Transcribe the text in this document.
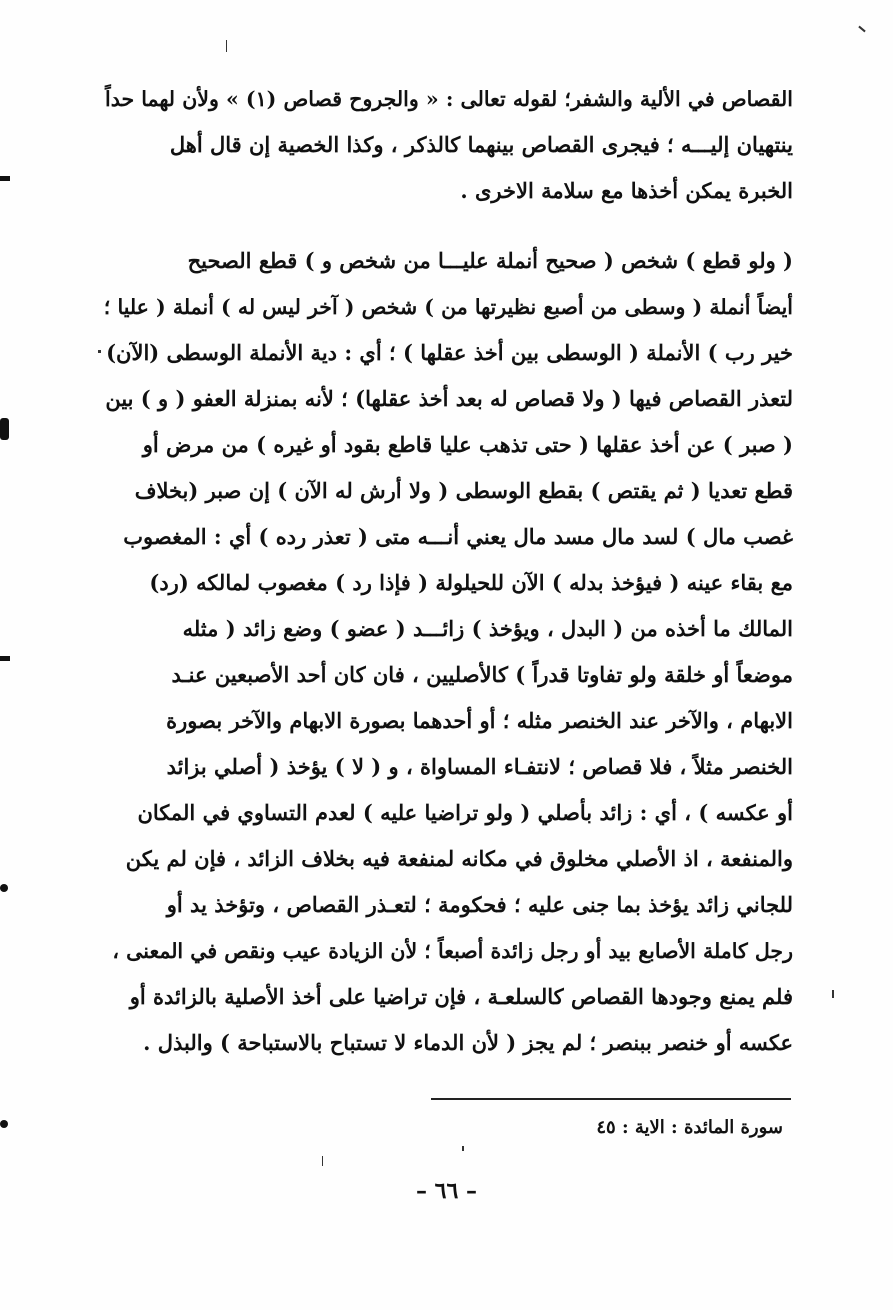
القصاص في الألية والشفر؛ لقوله تعالى : « والجروح قصاص (١) » ولأن لهما حداً
ينتهيان إليـــه ؛ فيجرى القصاص بينهما كالذكر ، وكذا الخصية إن قال أهل
الخبرة يمكن أخذها مع سلامة الاخرى .
( ولو قطع ) شخص ( صحيح أنملة عليـــا من شخص و ) قطع الصحيح
أيضاً أنملة ( وسطى من أصبع نظيرتها من ) شخص ( آخر ليس له ) أنملة ( عليا ؛
خير رب ) الأنملة ( الوسطى بين أخذ عقلها ) ؛ أي : دية الأنملة الوسطى (الآن)
لتعذر القصاص فيها ( ولا قصاص له بعد أخذ عقلها) ؛ لأنه بمنزلة العفو ( و ) بين
( صبر ) عن أخذ عقلها ( حتى تذهب عليا قاطع بقود أو غيره ) من مرض أو
قطع تعديا ( ثم يقتص ) بقطع الوسطى ( ولا أرش له الآن ) إن صبر (بخلاف
غصب مال ) لسد مال مسد مال يعني أنـــه متى ( تعذر رده ) أي : المغصوب
مع بقاء عينه ( فيؤخذ بدله ) الآن للحيلولة ( فإذا رد ) مغصوب لمالكه (رد)
المالك ما أخذه من ( البدل ، ويؤخذ ) زائـــد ( عضو ) وضع زائد ( مثله
موضعاً أو خلقة ولو تفاوتا قدراً ) كالأصليين ، فان كان أحد الأصبعين عنـد
الابهام ، والآخر عند الخنصر مثله ؛ أو أحدهما بصورة الابهام والآخر بصورة
الخنصر مثلاً ، فلا قصاص ؛ لانتفـاء المساواة ، و ( لا ) يؤخذ ( أصلي بزائد
أو عكسه ) ، أي : زائد بأصلي ( ولو تراضيا عليه ) لعدم التساوي في المكان
والمنفعة ، اذ الأصلي مخلوق في مكانه لمنفعة فيه بخلاف الزائد ، فإن لم يكن
للجاني زائد يؤخذ بما جنى عليه ؛ فحكومة ؛ لتعـذر القصاص ، وتؤخذ يد أو
رجل كاملة الأصابع بيد أو رجل زائدة أصبعاً ؛ لأن الزيادة عيب ونقص في المعنى ،
فلم يمنع وجودها القصاص كالسلعـة ، فإن تراضيا على أخذ الأصلية بالزائدة أو
عكسه أو خنصر ببنصر ؛ لم يجز ( لأن الدماء لا تستباح بالاستباحة ) والبذل .
سورة المائدة : الاية : ٤٥
– ٦٦ –
